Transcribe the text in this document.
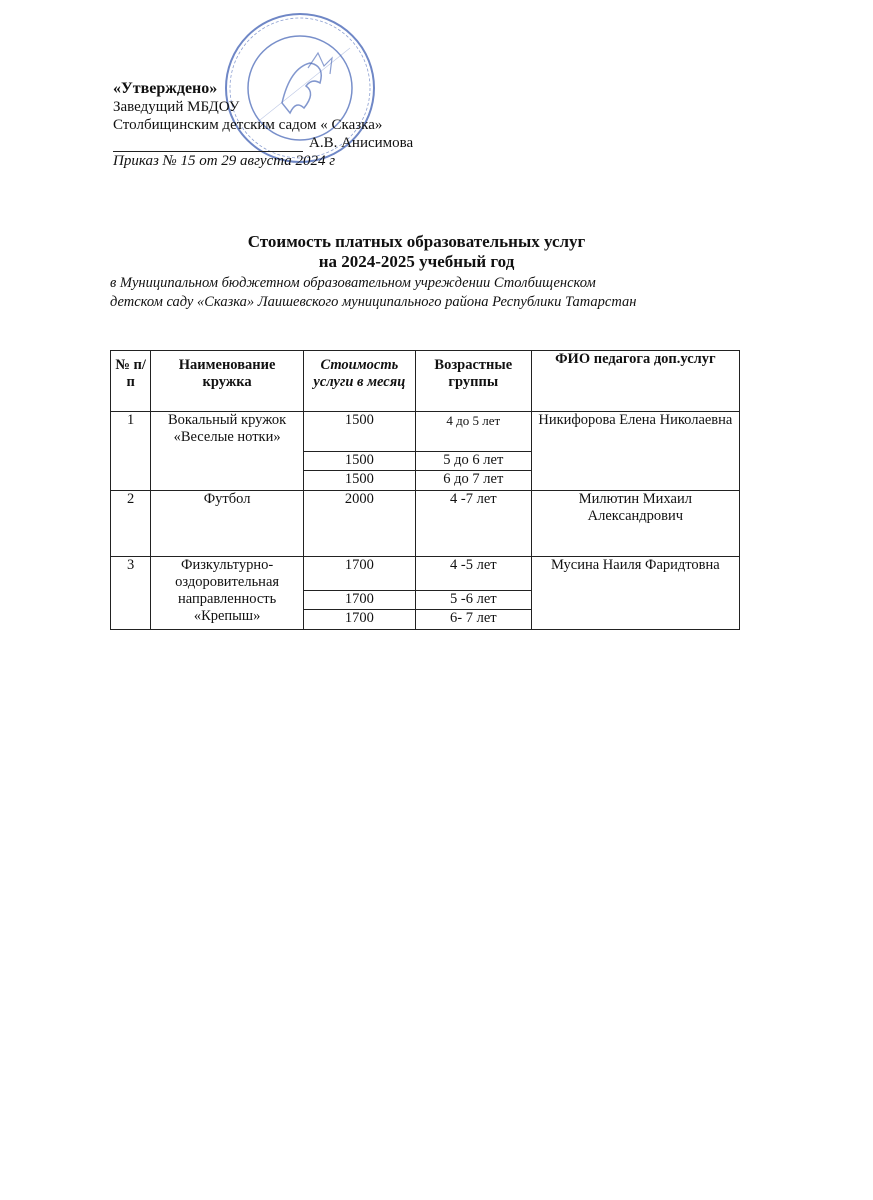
«Утверждено»
Заведущий МБДОУ
Столбищинским детским садом « Сказка»
А.В. Анисимова
Приказ № 15 от 29 августа 2024 г
Стоимость платных образовательных услуг
на 2024-2025 учебный год
в Муниципальном бюджетном образовательном учреждении Столбищенском
детском саду «Сказка» Лаишевского муниципального района Республики Татарстан
№ п/п	Наименование кружка	Стоимость услуги в месяц	Возрастные группы	ФИО педагога доп.услуг
1	Вокальный кружок «Веселые нотки»	1500	4 до 5 лет	Никифорова Елена Николаевна
		1500	5 до 6 лет	
		1500	6 до 7 лет	
2	Футбол	2000	4 -7 лет	Милютин Михаил Александрович
3	Физкультурно-оздоровительная направленность «Крепыш»	1700	4 -5 лет	Мусина Наиля Фаридтовна
		1700	5 -6 лет	
		1700	6- 7 лет	
